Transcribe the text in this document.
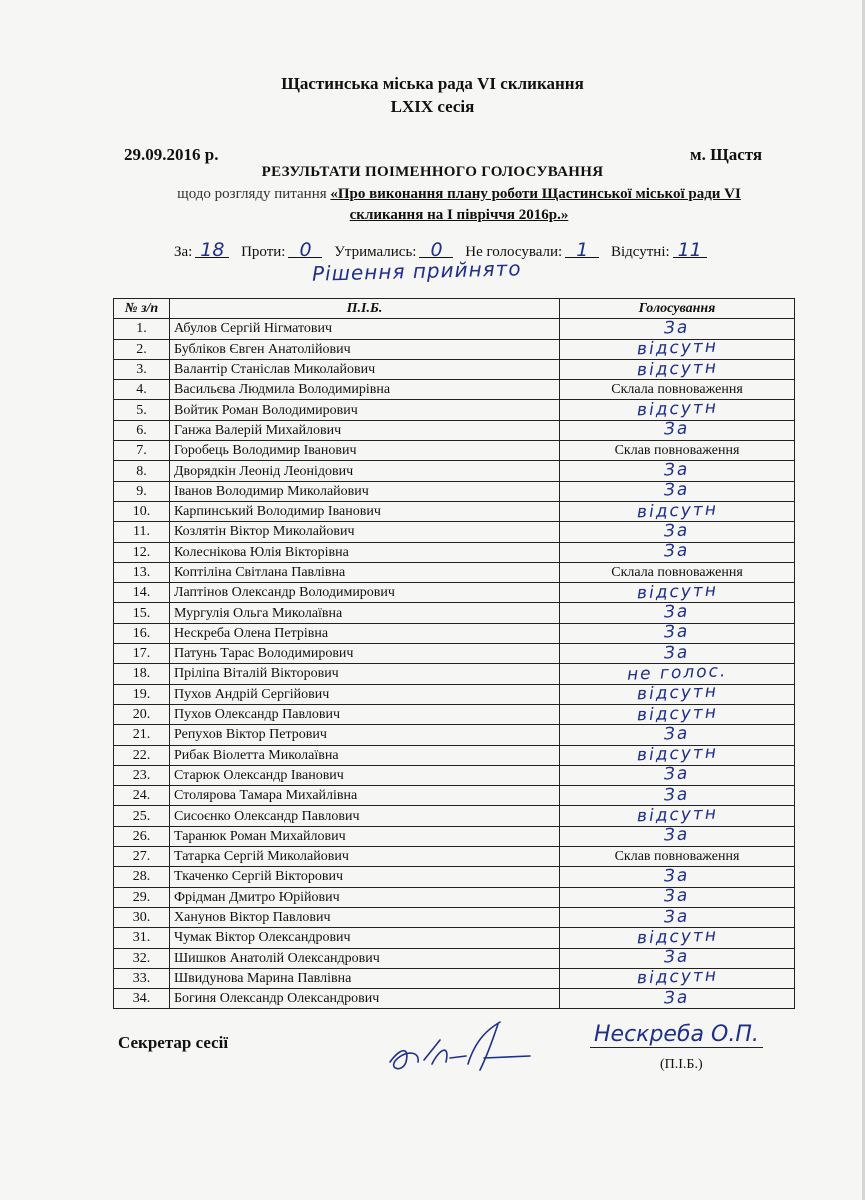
Щастинська міська рада VI скликання
LXIX сесія
29.09.2016 р.	м. Щастя
РЕЗУЛЬТАТИ ПОІМЕННОГО ГОЛОСУВАННЯ
щодо розгляду питання «Про виконання плану роботи Щастинської міської ради VI
скликання на І півріччя 2016р.»
За: 18 Проти: 0 Утримались: 0 Не голосували: 1 Відсутні: 11
Рішення прийнято
№ з/п	П.І.Б.	Голосування
1.	Абулов Сергій Нігматович	За
2.	Бубліков Євген Анатолійович	відсутн
3.	Валантір Станіслав Миколайович	відсутн
4.	Васильєва Людмила Володимирівна	Склала повноваження
5.	Войтик Роман Володимирович	відсутн
6.	Ганжа Валерій Михайлович	За
7.	Горобець Володимир Іванович	Склав повноваження
8.	Дворядкін Леонід Леонідович	За
9.	Іванов Володимир Миколайович	За
10.	Карпинський Володимир Іванович	відсутн
11.	Козлятін Віктор Миколайович	За
12.	Колеснікова Юлія Вікторівна	За
13.	Коптіліна Світлана Павлівна	Склала повноваження
14.	Лаптінов Олександр Володимирович	відсутн
15.	Мургулія Ольга Миколаївна	За
16.	Нескреба Олена Петрівна	За
17.	Патунь Тарас Володимирович	За
18.	Пріліпа Віталій Вікторович	не голос.
19.	Пухов Андрій Сергійович	відсутн
20.	Пухов Олександр Павлович	відсутн
21.	Репухов Віктор Петрович	За
22.	Рибак Віолетта Миколаївна	відсутн
23.	Старюк Олександр Іванович	За
24.	Столярова Тамара Михайлівна	За
25.	Сисоєнко Олександр Павлович	відсутн
26.	Таранюк Роман Михайлович	За
27.	Татарка Сергій Миколайович	Склав повноваження
28.	Ткаченко Сергій Вікторович	За
29.	Фрідман Дмитро Юрійович	За
30.	Ханунов Віктор Павлович	За
31.	Чумак Віктор Олександрович	відсутн
32.	Шишков Анатолій Олександрович	За
33.	Швидунова Марина Павлівна	відсутн
34.	Богиня Олександр Олександрович	За
Секретар сесії	Нескреба О.П.
(П.І.Б.)
